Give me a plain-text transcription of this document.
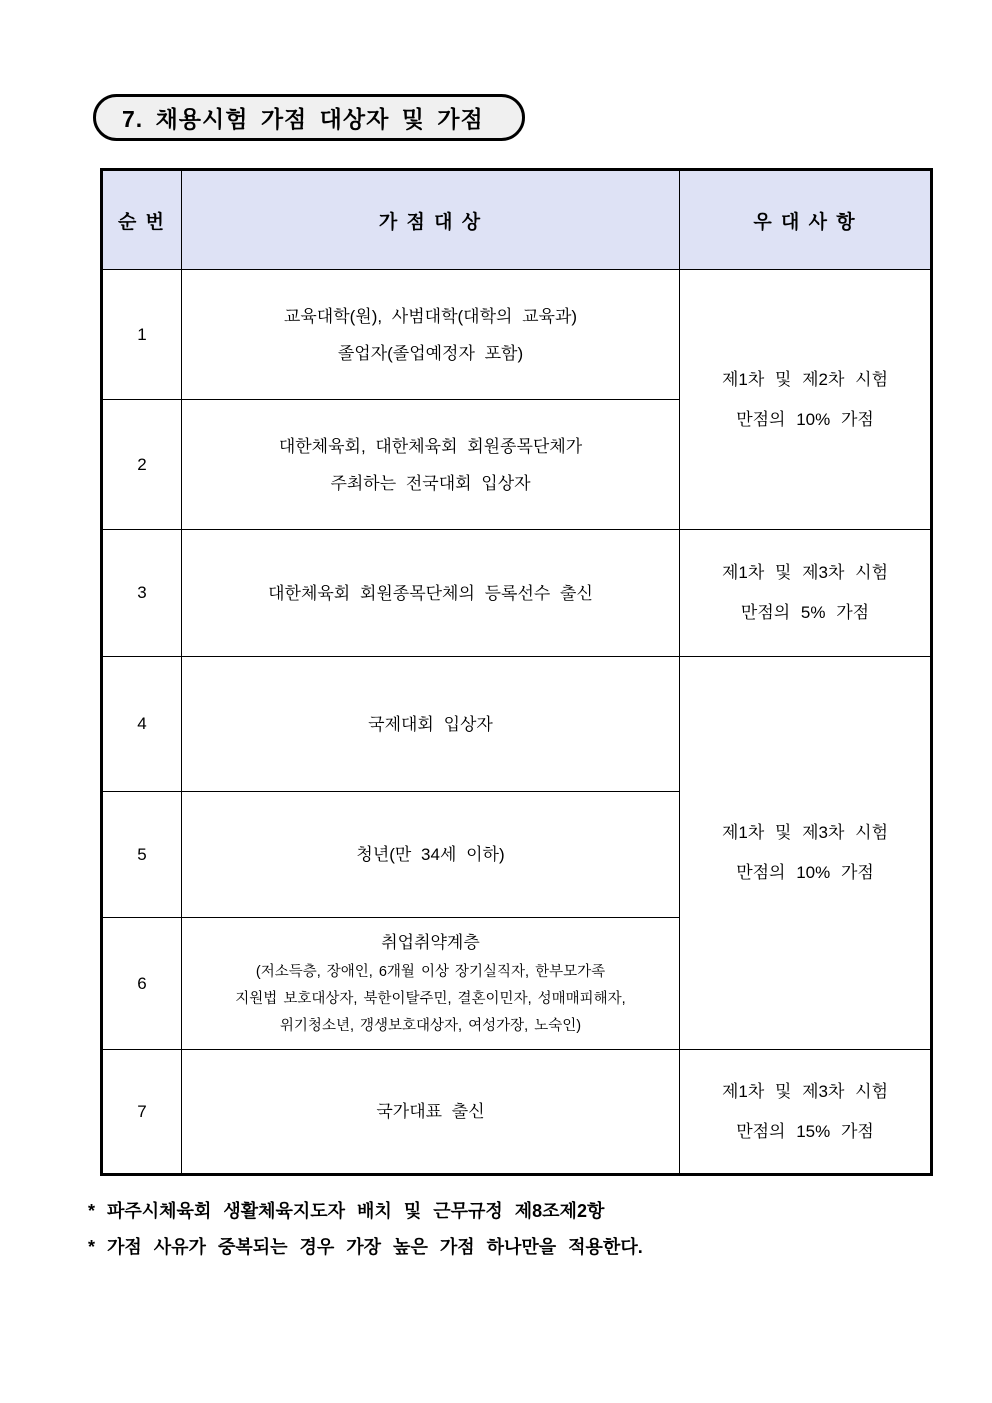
7. 채용시험 가점 대상자 및 가점
순 번	가 점 대 상	우 대 사 항
1	교육대학(원), 사범대학(대학의 교육과)
졸업자(졸업예정자 포함)	제1차 및 제2차 시험
만점의 10% 가점

2	대한체육회, 대한체육회 회원종목단체가
주최하는 전국대회 입상자	

3	대한체육회 회원종목단체의 등록선수 출신	제1차 및 제3차 시험
만점의 5% 가점

4	국제대회 입상자	제1차 및 제3차 시험
만점의 10% 가점

5	청년(만 34세 이하)	

6	취업취약계층
(저소득층, 장애인, 6개월 이상 장기실직자, 한부모가족
지원법 보호대상자, 북한이탈주민, 결혼이민자, 성매매피해자,
위기청소년, 갱생보호대상자, 여성가장, 노숙인)	

7	국가대표 출신	제1차 및 제3차 시험
만점의 15% 가점
* 파주시체육회 생활체육지도자 배치 및 근무규정 제8조제2항
* 가점 사유가 중복되는 경우 가장 높은 가점 하나만을 적용한다.
